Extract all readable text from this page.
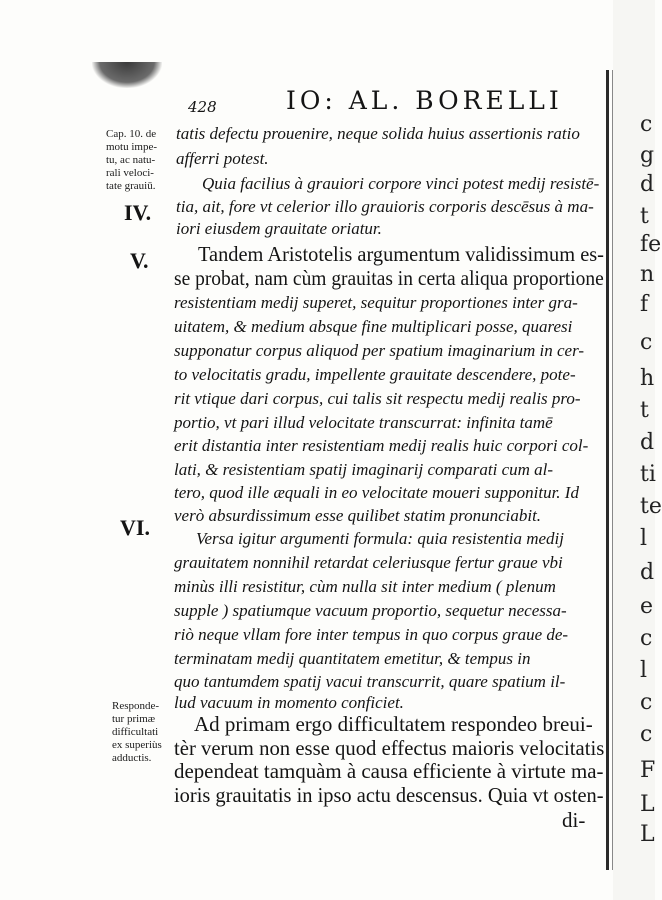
c
g
d
t
fe
n
f
c
h
t
d
ti
te
l
d
e
c
l
c
c
F
L
L
428	IO: AL. BORELLI
Cap. 10. de
motu impe-
tu, ac natu-
rali veloci-
tate grauiū.
Responde-
tur primæ
difficultati
ex superiùs
adductis.
IV.
V.
VI.
tatis defectu prouenire, neque solida huius assertionis ratio
afferri potest.
Quia facilius à grauiori corpore vinci potest medij resistē-
tia, ait, fore vt celerior illo grauioris corporis descēsus à ma-
iori eiusdem grauitate oriatur.
Tandem Aristotelis argumentum validissimum es-
se probat, nam cùm grauitas in certa aliqua proportione
resistentiam medij superet, sequitur proportiones inter gra-
uitatem, & medium absque fine multiplicari posse, quaresi
supponatur corpus aliquod per spatium imaginarium in cer-
to velocitatis gradu, impellente grauitate descendere, pote-
rit vtique dari corpus, cui talis sit respectu medij realis pro-
portio, vt pari illud velocitate transcurrat: infinita tamē
erit distantia inter resistentiam medij realis huic corpori col-
lati, & resistentiam spatij imaginarij comparati cum al-
tero, quod ille æquali in eo velocitate moueri supponitur. Id
verò absurdissimum esse quilibet statim pronunciabit.
Versa igitur argumenti formula: quia resistentia medij
grauitatem nonnihil retardat celeriusque fertur graue vbi
minùs illi resistitur, cùm nulla sit inter medium ( plenum
supple ) spatiumque vacuum proportio, sequetur necessa-
riò neque vllam fore inter tempus in quo corpus graue de-
terminatam medij quantitatem emetitur, & tempus in
quo tantumdem spatij vacui transcurrit, quare spatium il-
lud vacuum in momento conficiet.
Ad primam ergo difficultatem respondeo breui-
tèr verum non esse quod effectus maioris velocitatis
dependeat tamquàm à causa efficiente à virtute ma-
ioris grauitatis in ipso actu descensus. Quia vt osten-
di-
